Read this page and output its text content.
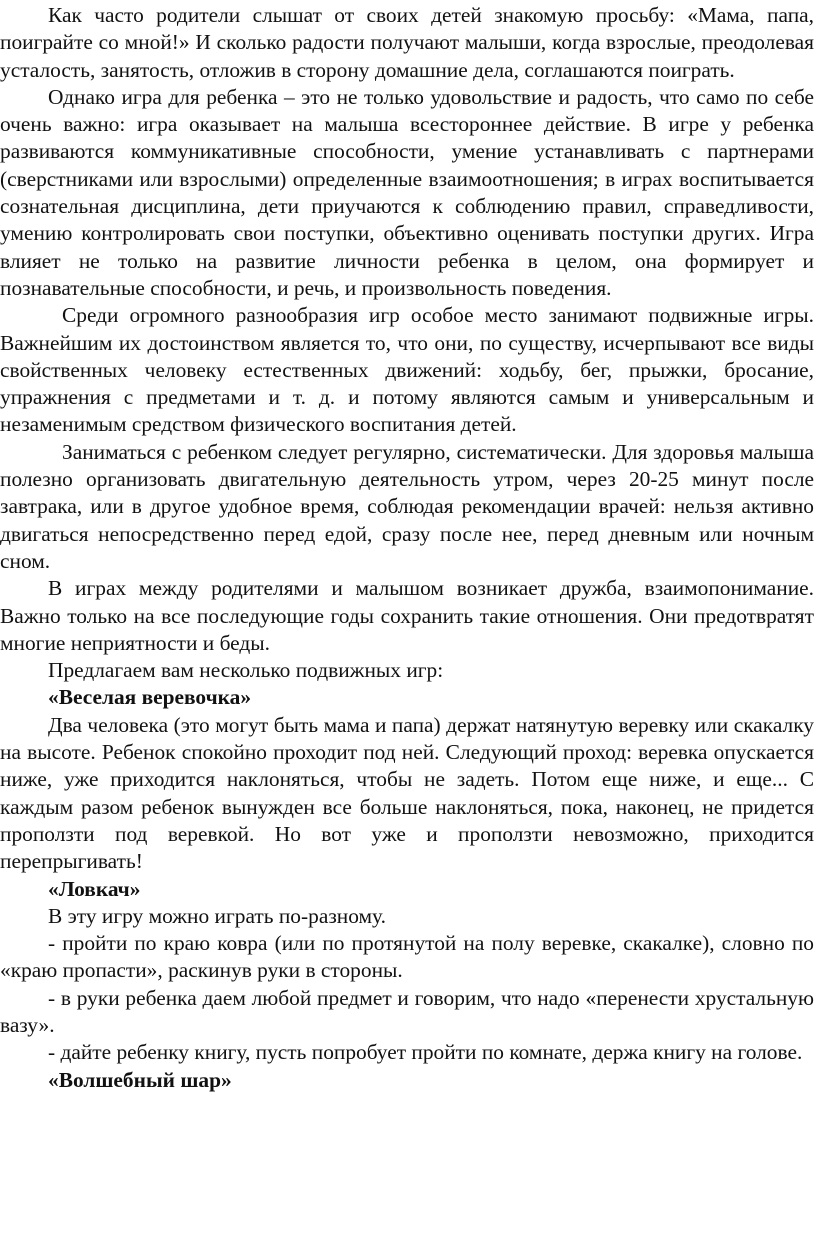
Как часто родители слышат от своих детей знакомую просьбу: «Мама, папа, поиграйте со мной!» И сколько радости получают малыши, когда взрослые, преодолевая усталость, занятость, отложив в сторону домашние дела, соглашаются поиграть.

Однако игра для ребенка – это не только удовольствие и радость, что само по себе очень важно: игра оказывает на малыша всестороннее действие. В игре у ребенка развиваются коммуникативные способности, умение устанавливать с партнерами (сверстниками или взрослыми) определенные взаимоотношения; в играх воспитывается сознательная дисциплина, дети приучаются к соблюдению правил, справедливости, умению контролировать свои поступки, объективно оценивать поступки других. Игра влияет не только на развитие личности ребенка в целом, она формирует и познавательные способности, и речь, и произвольность поведения.

Среди огромного разнообразия игр особое место занимают подвижные игры. Важнейшим их достоинством является то, что они, по существу, исчерпывают все виды свойственных человеку естественных движений: ходьбу, бег, прыжки, бросание, упражнения с предметами и т. д. и потому являются самым и универсальным и незаменимым средством физического воспитания детей.

Заниматься с ребенком следует регулярно, систематически. Для здоровья малыша полезно организовать двигательную деятельность утром, через 20-25 минут после завтрака, или в другое удобное время, соблюдая рекомендации врачей: нельзя активно двигаться непосредственно перед едой, сразу после нее, перед дневным или ночным сном.

В играх между родителями и малышом возникает дружба, взаимопонимание. Важно только на все последующие годы сохранить такие отношения. Они предотвратят многие неприятности и беды.

Предлагаем вам несколько подвижных игр:

«Веселая веревочка»

Два человека (это могут быть мама и папа) держат натянутую веревку или скакалку на высоте. Ребенок спокойно проходит под ней. Следующий проход: веревка опускается ниже, уже приходится наклоняться, чтобы не задеть. Потом еще ниже, и еще... С каждым разом ребенок вынужден все больше наклоняться, пока, наконец, не придется проползти под веревкой. Но вот уже и проползти невозможно, приходится перепрыгивать!

«Ловкач»

В эту игру можно играть по-разному.

- пройти по краю ковра (или по протянутой на полу веревке, скакалке), словно по «краю пропасти», раскинув руки в стороны.

- в руки ребенка даем любой предмет и говорим, что надо «перенести хрустальную вазу».

- дайте ребенку книгу, пусть попробует пройти по комнате, держа книгу на голове.

«Волшебный шар»
